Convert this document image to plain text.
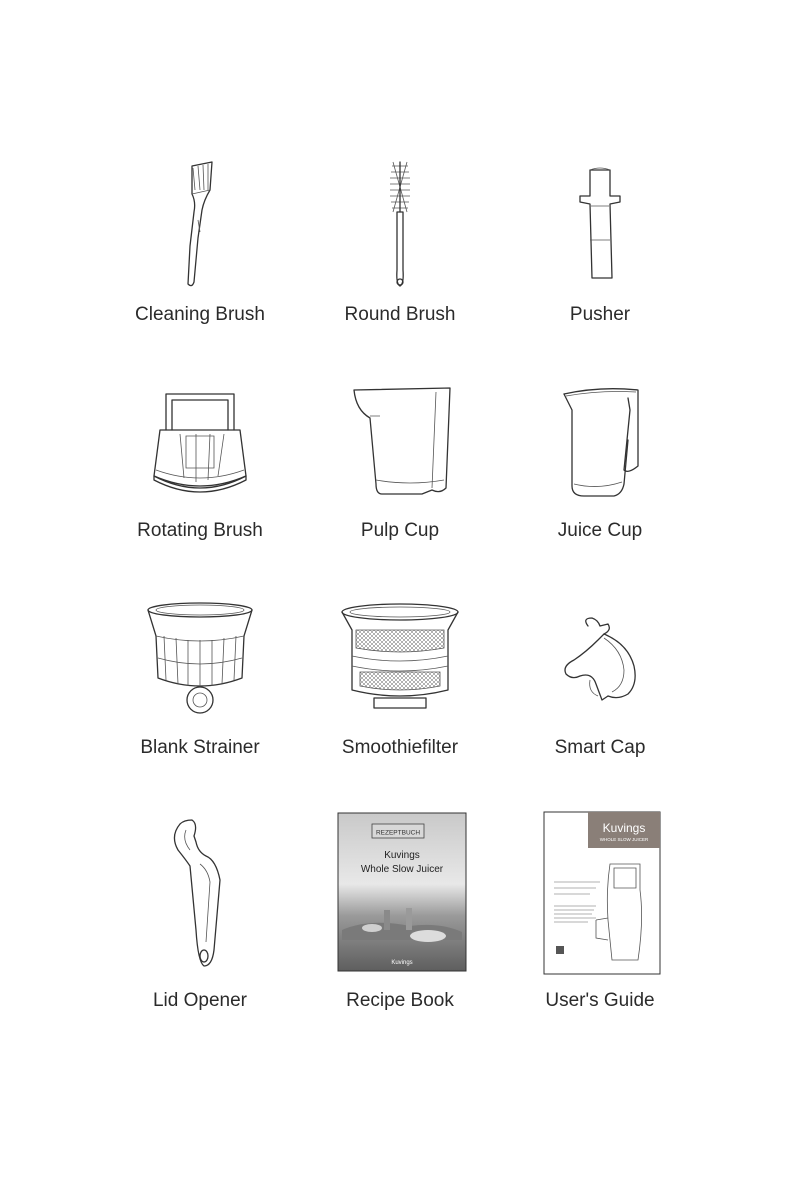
Cleaning Brush	Round Brush	Pusher
Rotating Brush	Pulp Cup	Juice Cup
Blank Strainer	Smoothiefilter	Smart Cap
Lid Opener
REZEPTBUCH
Kuvings
Whole Slow Juicer
Kuvings
Recipe Book
Kuvings
WHOLE SLOW JUICER
User's Guide
